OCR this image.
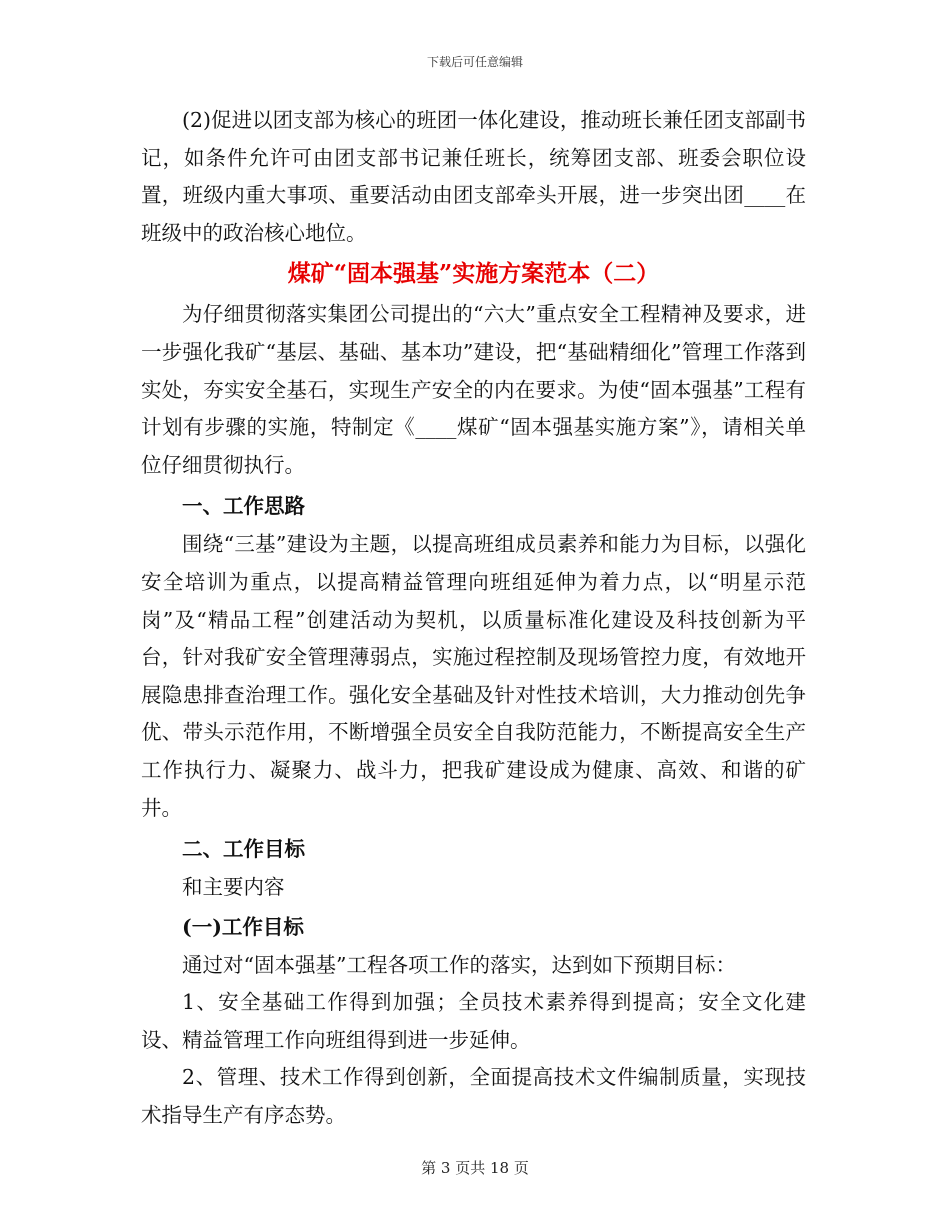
下载后可任意编辑

(2)促进以团支部为核心的班团一体化建设，推动班长兼任团支部副书记，如条件允许可由团支部书记兼任班长，统筹团支部、班委会职位设置，班级内重大事项、重要活动由团支部牵头开展，进一步突出团____在班级中的政治核心地位。

煤矿“固本强基”实施方案范本（二）

为仔细贯彻落实集团公司提出的“六大”重点安全工程精神及要求，进一步强化我矿“基层、基础、基本功”建设，把“基础精细化”管理工作落到实处，夯实安全基石，实现生产安全的内在要求。为使“固本强基”工程有计划有步骤的实施，特制定《____煤矿“固本强基实施方案”》，请相关单位仔细贯彻执行。

一、工作思路

围绕“三基”建设为主题，以提高班组成员素养和能力为目标，以强化安全培训为重点，以提高精益管理向班组延伸为着力点，以“明星示范岗”及“精品工程”创建活动为契机，以质量标准化建设及科技创新为平台，针对我矿安全管理薄弱点，实施过程控制及现场管控力度，有效地开展隐患排查治理工作。强化安全基础及针对性技术培训，大力推动创先争优、带头示范作用，不断增强全员安全自我防范能力，不断提高安全生产工作执行力、凝聚力、战斗力，把我矿建设成为健康、高效、和谐的矿井。

二、工作目标

和主要内容

(一)工作目标

通过对“固本强基”工程各项工作的落实，达到如下预期目标：

1、安全基础工作得到加强；全员技术素养得到提高；安全文化建设、精益管理工作向班组得到进一步延伸。

2、管理、技术工作得到创新，全面提高技术文件编制质量，实现技术指导生产有序态势。

第 3 页共 18 页
